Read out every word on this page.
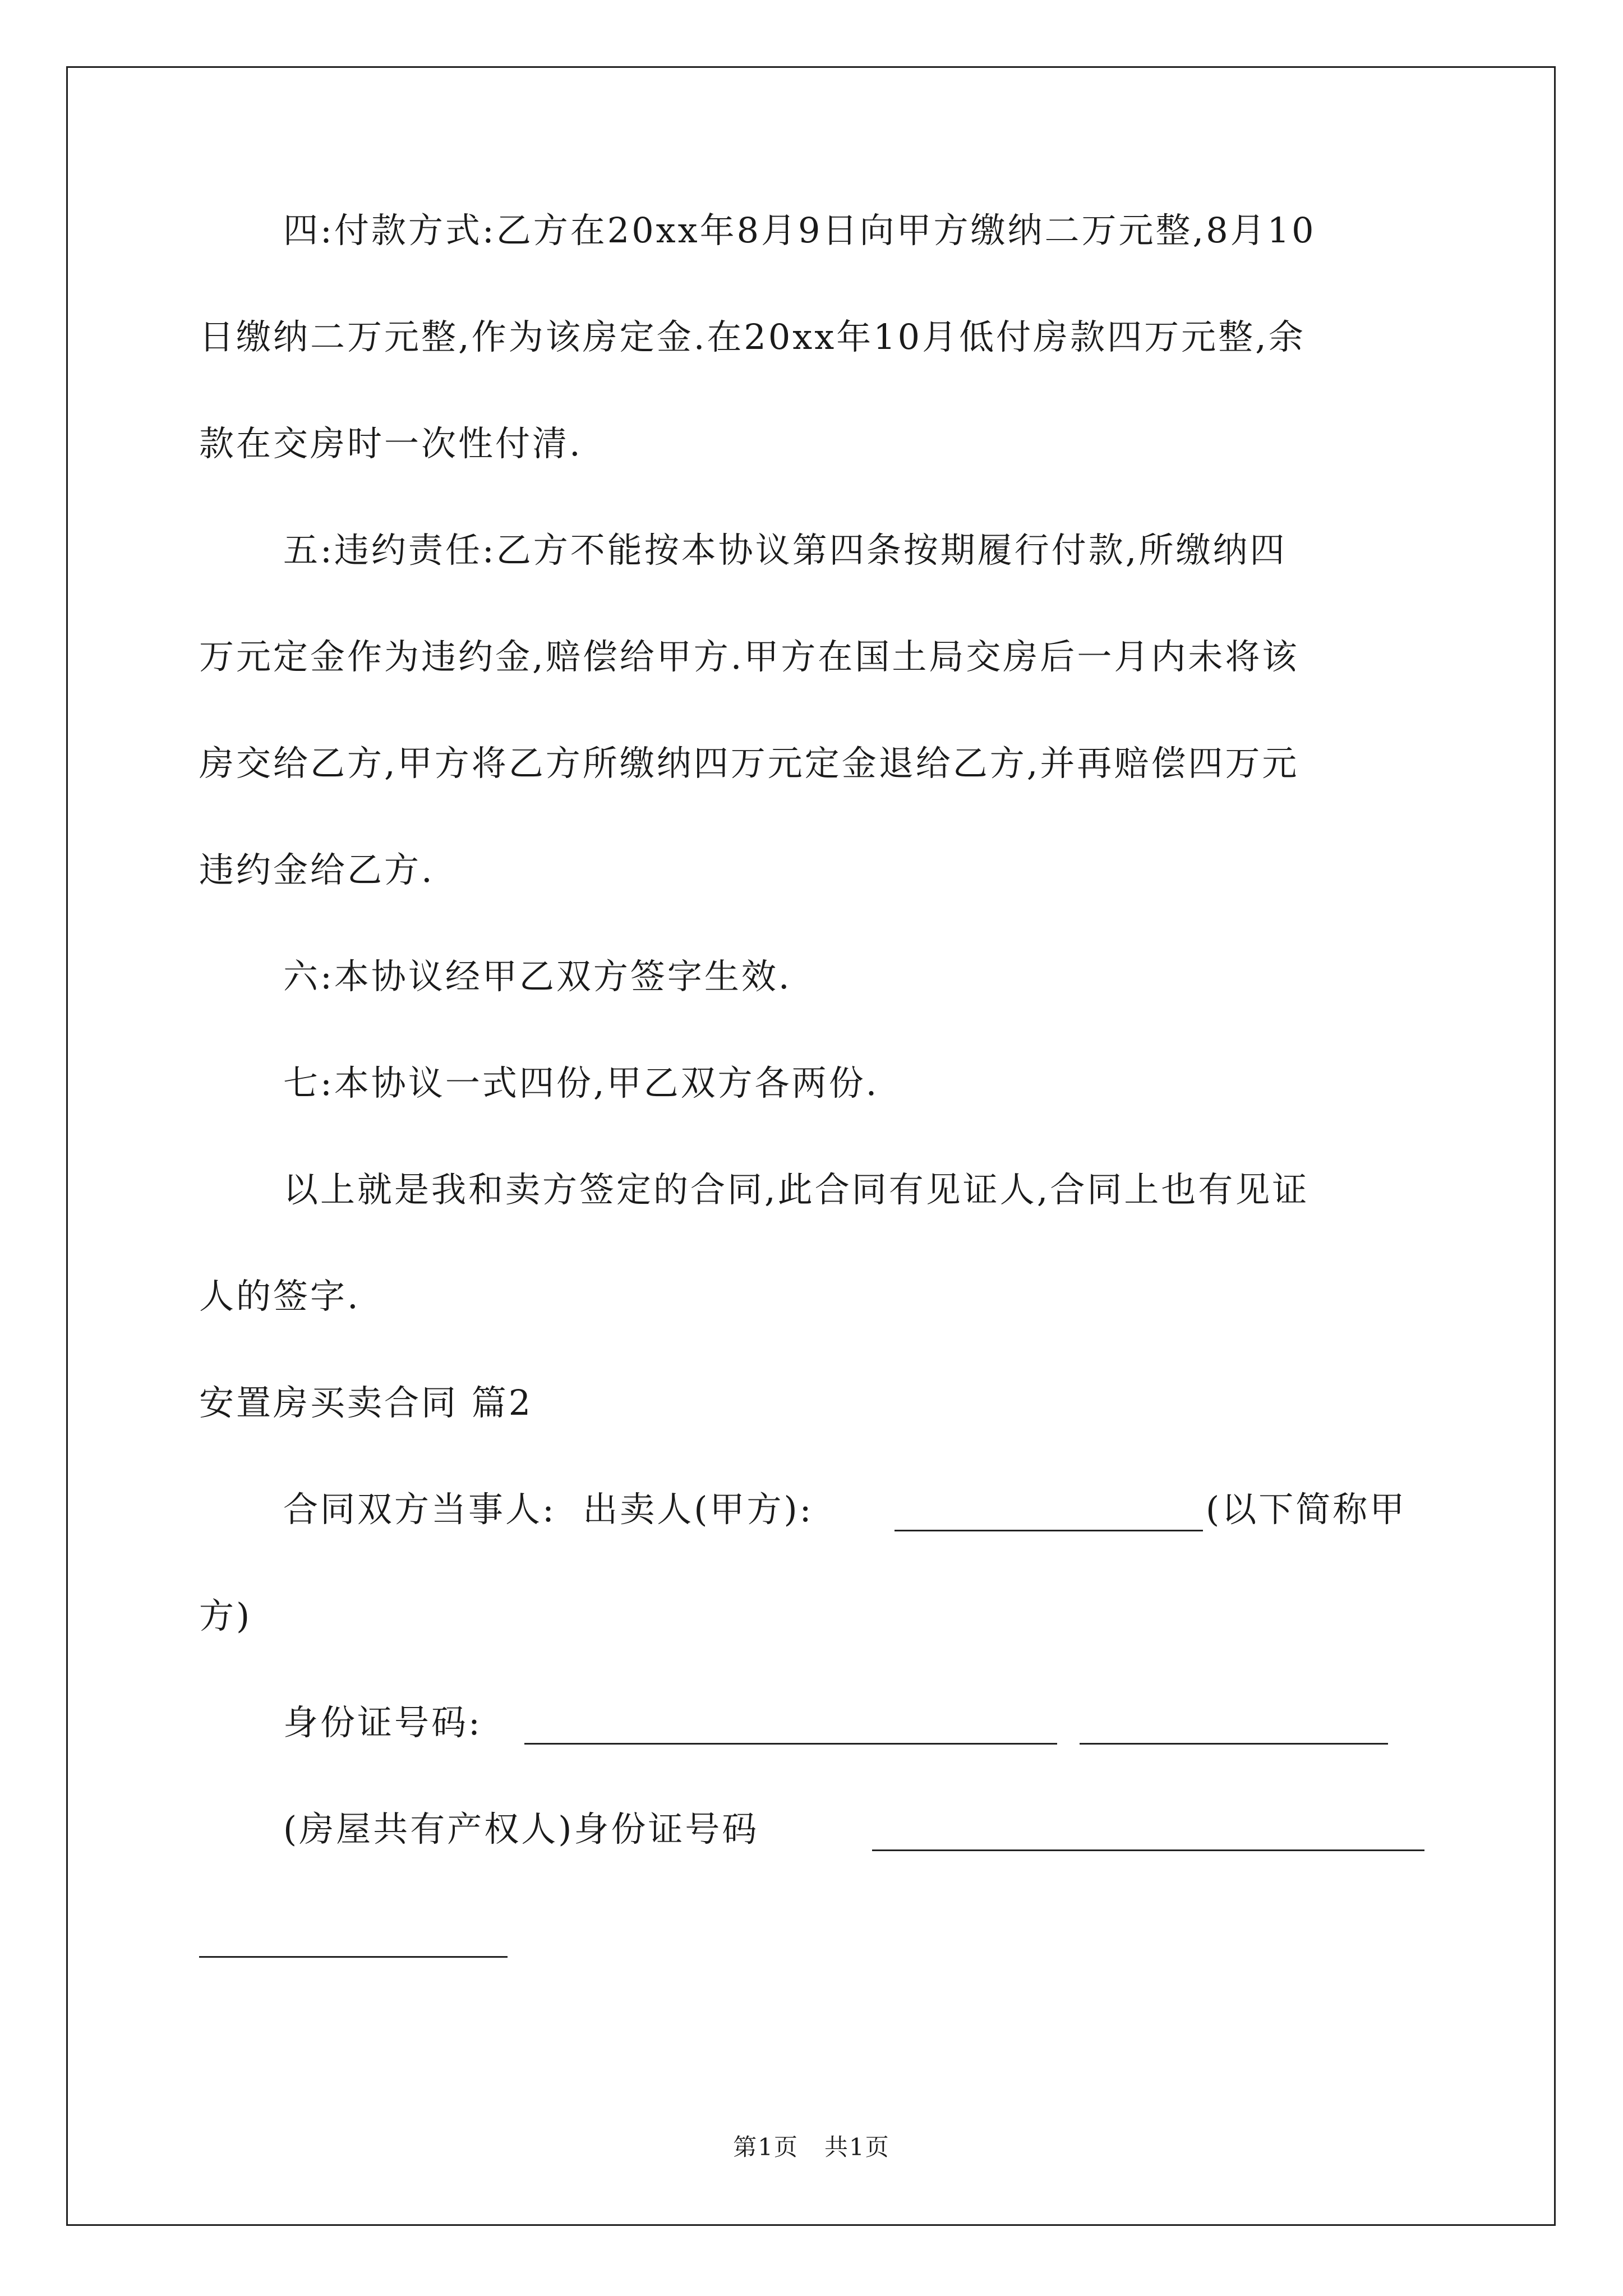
四:付款方式:乙方在20xx年8月9日向甲方缴纳二万元整,8月10
日缴纳二万元整,作为该房定金.在20xx年10月低付房款四万元整,余
款在交房时一次性付清.
五:违约责任:乙方不能按本协议第四条按期履行付款,所缴纳四
万元定金作为违约金,赔偿给甲方.甲方在国土局交房后一月内未将该
房交给乙方,甲方将乙方所缴纳四万元定金退给乙方,并再赔偿四万元
违约金给乙方.
六:本协议经甲乙双方签字生效.
七:本协议一式四份,甲乙双方各两份.
以上就是我和卖方签定的合同,此合同有见证人,合同上也有见证
人的签字.
安置房买卖合同 篇2
合同双方当事人:  出卖人(甲方):	(以下简称甲
方)
身份证号码:
(房屋共有产权人)身份证号码
第1页   共1页
